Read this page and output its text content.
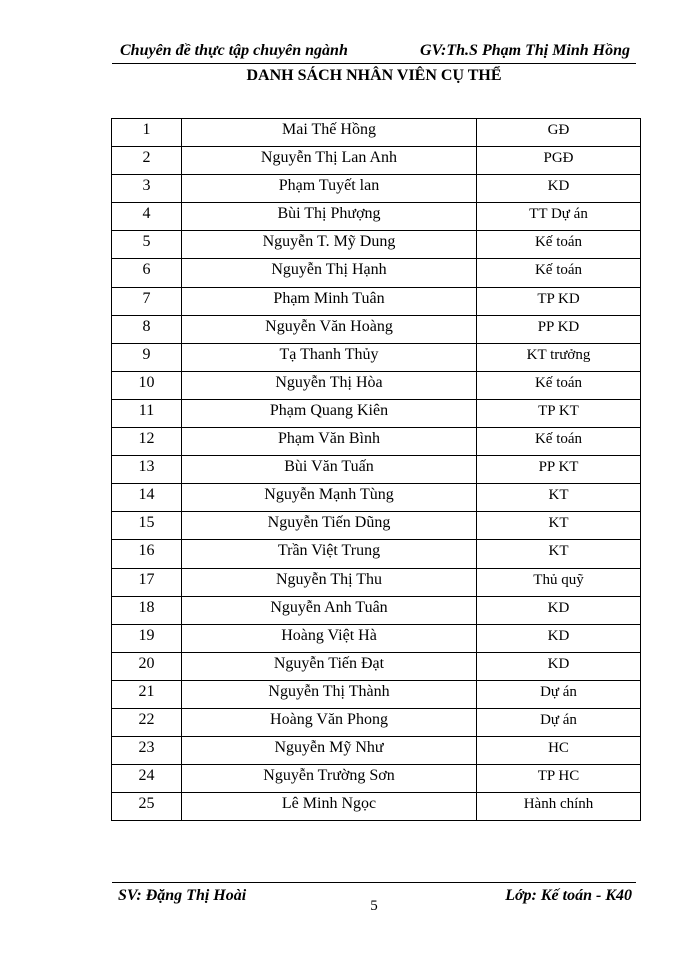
Chuyên đề thực tập chuyên ngành	GV:Th.S Phạm Thị Minh Hồng
DANH SÁCH NHÂN VIÊN CỤ THỂ
1	Mai Thế Hồng	GĐ
2	Nguyễn Thị Lan Anh	PGĐ
3	Phạm Tuyết lan	KD
4	Bùi Thị Phượng	TT Dự án
5	Nguyễn T. Mỹ Dung	Kế toán
6	Nguyễn Thị Hạnh	Kế toán
7	Phạm Minh Tuân	TP KD
8	Nguyễn Văn Hoàng	PP KD
9	Tạ Thanh Thủy	KT trưởng
10	Nguyễn Thị Hòa	Kế toán
11	Phạm Quang Kiên	TP KT
12	Phạm Văn Bình	Kế toán
13	Bùi Văn Tuấn	PP KT
14	Nguyễn Mạnh Tùng	KT
15	Nguyễn Tiến Dũng	KT
16	Trần Việt Trung	KT
17	Nguyễn Thị Thu	Thủ quỹ
18	Nguyễn Anh Tuân	KD
19	Hoàng Việt Hà	KD
20	Nguyễn Tiến Đạt	KD
21	Nguyễn Thị Thành	Dự án
22	Hoàng Văn Phong	Dự án
23	Nguyễn Mỹ Như	HC
24	Nguyễn Trường Sơn	TP HC
25	Lê Minh Ngọc	Hành chính
SV: Đặng Thị Hoài	Lớp: Kế toán - K40
5
